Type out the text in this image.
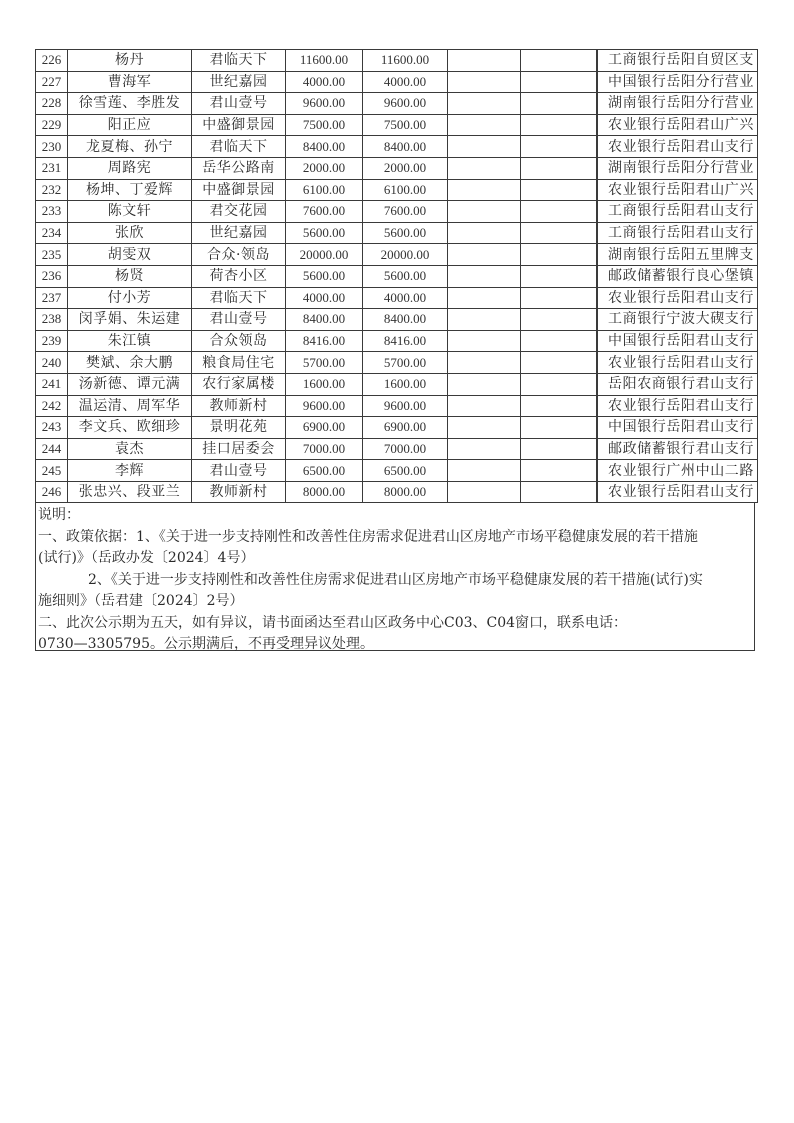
226	杨丹	君临天下	11600.00	11600.00			工商银行岳阳自贸区支
227	曹海军	世纪嘉园	4000.00	4000.00			中国银行岳阳分行营业
228	徐雪莲、李胜发	君山壹号	9600.00	9600.00			湖南银行岳阳分行营业
229	阳正应	中盛御景园	7500.00	7500.00			农业银行岳阳君山广兴
230	龙夏梅、孙宁	君临天下	8400.00	8400.00			农业银行岳阳君山支行
231	周路宪	岳华公路南	2000.00	2000.00			湖南银行岳阳分行营业
232	杨坤、丁爱辉	中盛御景园	6100.00	6100.00			农业银行岳阳君山广兴
233	陈文轩	君交花园	7600.00	7600.00			工商银行岳阳君山支行
234	张欣	世纪嘉园	5600.00	5600.00			工商银行岳阳君山支行
235	胡雯双	合众·领岛	20000.00	20000.00			湖南银行岳阳五里牌支
236	杨贤	荷杏小区	5600.00	5600.00			邮政储蓄银行良心堡镇
237	付小芳	君临天下	4000.00	4000.00			农业银行岳阳君山支行
238	闵孚娟、朱运建	君山壹号	8400.00	8400.00			工商银行宁波大碶支行
239	朱江镇	合众领岛	8416.00	8416.00			中国银行岳阳君山支行
240	樊斌、余大鹏	粮食局住宅	5700.00	5700.00			农业银行岳阳君山支行
241	汤新德、谭元满	农行家属楼	1600.00	1600.00			岳阳农商银行君山支行
242	温运清、周军华	教师新村	9600.00	9600.00			农业银行岳阳君山支行
243	李文兵、欧细珍	景明花苑	6900.00	6900.00			中国银行岳阳君山支行
244	袁杰	挂口居委会	7000.00	7000.00			邮政储蓄银行君山支行
245	李辉	君山壹号	6500.00	6500.00			农业银行广州中山二路
246	张忠兴、段亚兰	教师新村	8000.00	8000.00			农业银行岳阳君山支行

说明：

一、政策依据：1、《关于进一步支持刚性和改善性住房需求促进君山区房地产市场平稳健康发展的若干措施

(试行)》（岳政办发〔2024〕4号）

2、《关于进一步支持刚性和改善性住房需求促进君山区房地产市场平稳健康发展的若干措施(试行)实

施细则》（岳君建〔2024〕2号）

二、此次公示期为五天，如有异议，请书面函达至君山区政务中心C03、C04窗口，联系电话：

0730—3305795。公示期满后，不再受理异议处理。
